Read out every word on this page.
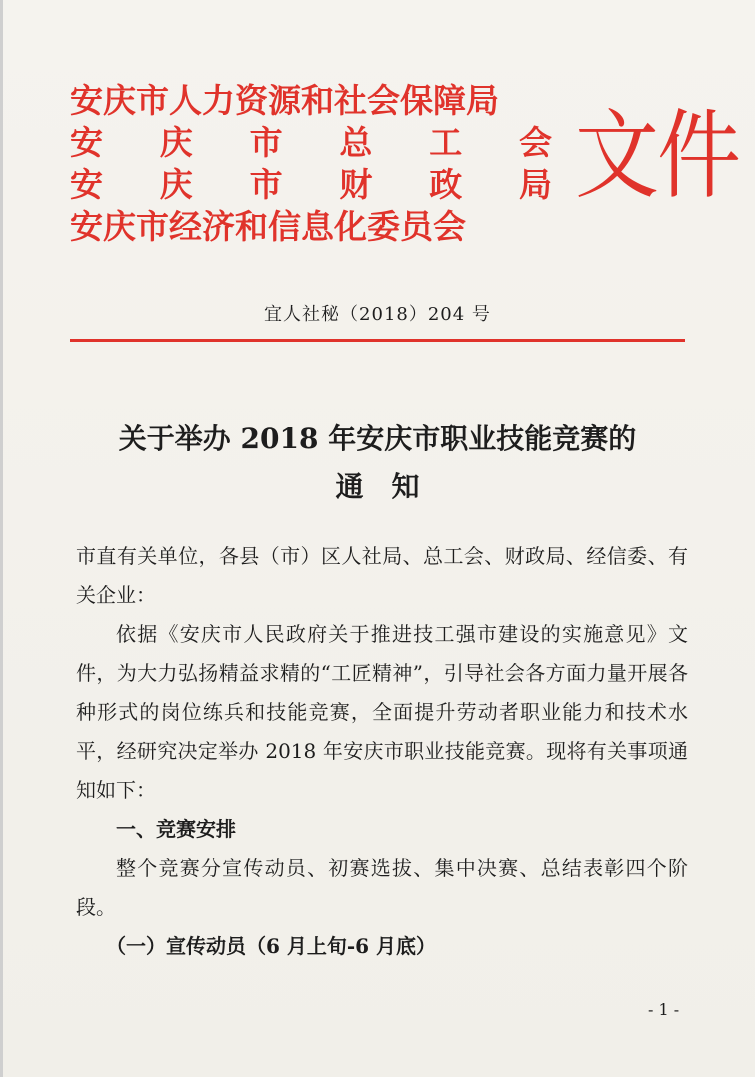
安庆市人力资源和社会保障局
安 庆 市 总 工 会
安 庆 市 财 政 局
安庆市经济和信息化委员会
文件
宜人社秘（2018）204 号
关于举办 2018 年安庆市职业技能竞赛的
通　知

市直有关单位，各县（市）区人社局、总工会、财政局、经信委、有关企业：

依据《安庆市人民政府关于推进技工强市建设的实施意见》文件，为大力弘扬精益求精的“工匠精神”，引导社会各方面力量开展各种形式的岗位练兵和技能竞赛，全面提升劳动者职业能力和技术水平，经研究决定举办 2018 年安庆市职业技能竞赛。现将有关事项通知如下：

一、竞赛安排

整个竞赛分宣传动员、初赛选拔、集中决赛、总结表彰四个阶段。

（一）宣传动员（6 月上旬-6 月底）

- 1 -
